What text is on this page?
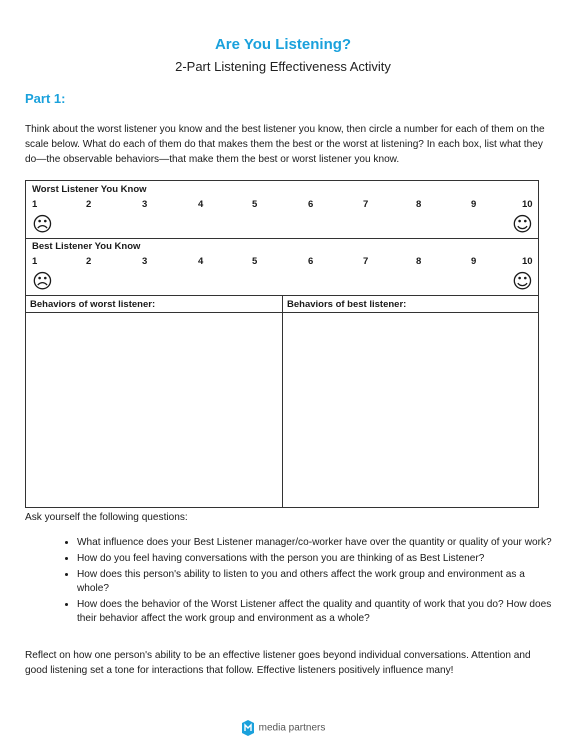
Are You Listening?
2-Part Listening Effectiveness Activity
Part 1:
Think about the worst listener you know and the best listener you know, then circle a number for each of them on the scale below. What do each of them do that makes them the best or the worst at listening? In each box, list what they do—the observable behaviors—that make them the best or worst listener you know.
Worst Listener You Know
1	2	3	4	5	6	7	8	9	10
☹	☺
Best Listener You Know
1	2	3	4	5	6	7	8	9	10
☹	☺
Behaviors of worst listener:	Behaviors of best listener:
Ask yourself the following questions:
• What influence does your Best Listener manager/co-worker have over the quantity or quality of your work?
• How do you feel having conversations with the person you are thinking of as Best Listener?
• How does this person's ability to listen to you and others affect the work group and environment as a whole?
• How does the behavior of the Worst Listener affect the quality and quantity of work that you do? How does their behavior affect the work group and environment as a whole?
Reflect on how one person's ability to be an effective listener goes beyond individual conversations. Attention and good listening set a tone for interactions that follow. Effective listeners positively influence many!
media partners
